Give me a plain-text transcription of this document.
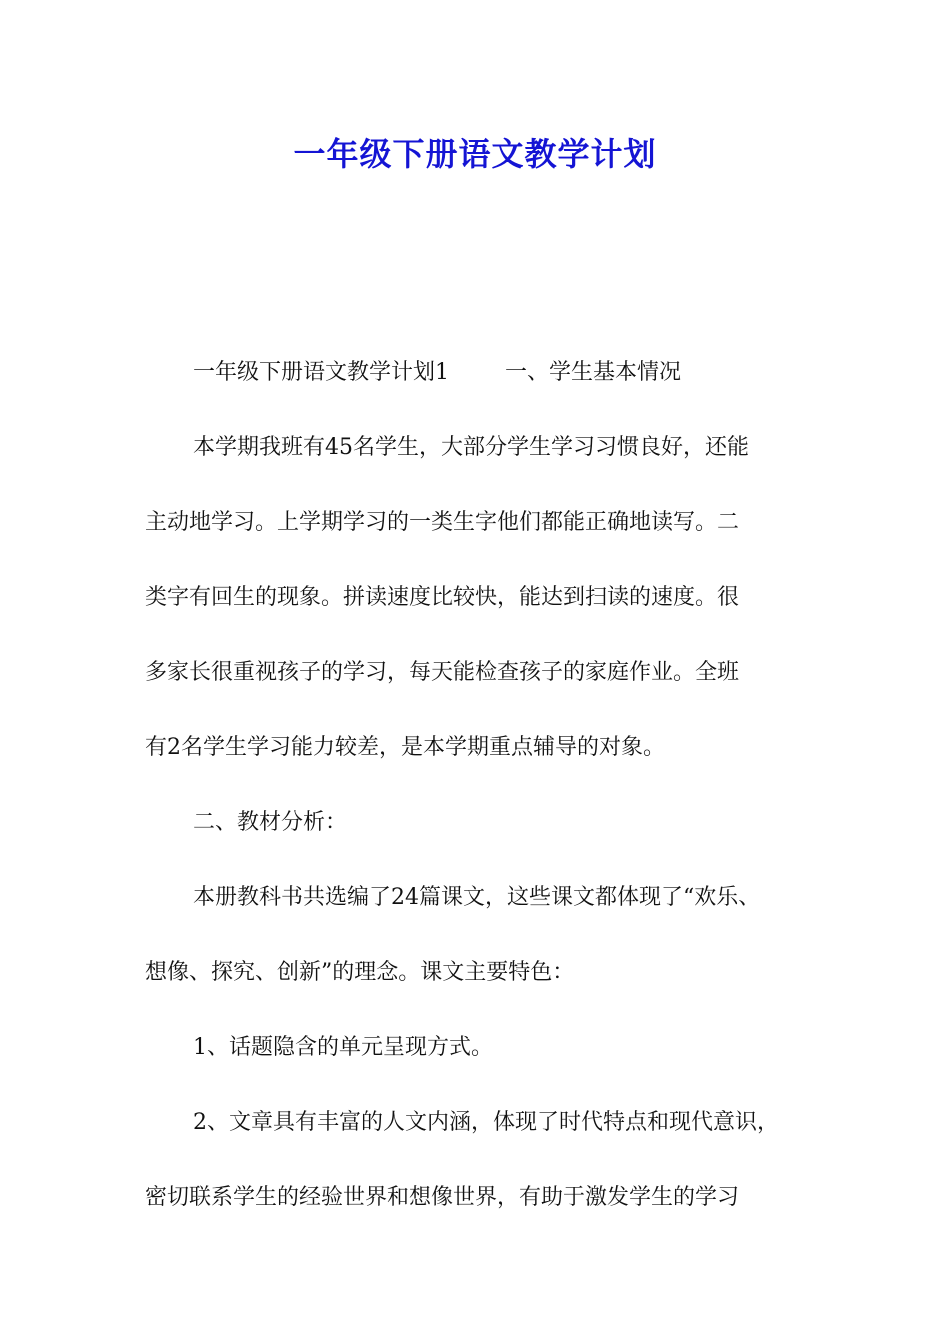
一年级下册语文教学计划

一年级下册语文教学计划1	一、学生基本情况

本学期我班有45名学生，大部分学生学习习惯良好，还能

主动地学习。上学期学习的一类生字他们都能正确地读写。二

类字有回生的现象。拼读速度比较快，能达到扫读的速度。很

多家长很重视孩子的学习，每天能检查孩子的家庭作业。全班

有2名学生学习能力较差，是本学期重点辅导的对象。

二、教材分析：

本册教科书共选编了24篇课文，这些课文都体现了“欢乐、

想像、探究、创新”的理念。课文主要特色：

1、话题隐含的单元呈现方式。

2、文章具有丰富的人文内涵，体现了时代特点和现代意识，

密切联系学生的经验世界和想像世界，有助于激发学生的学习
